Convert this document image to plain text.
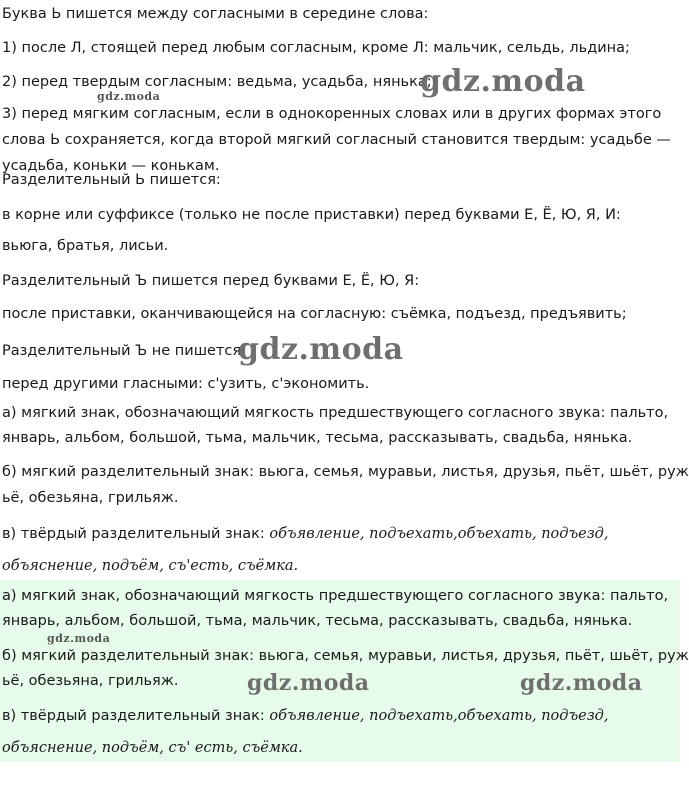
Буква Ь пишется между согласными в середине слова:
1) после Л, стоящей перед любым согласным, кроме Л: мальчик, сельдь, льдина;
2) перед твердым согласным: ведьма, усадьба, нянька;
3) перед мягким согласным, если в однокоренных словах или в других формах этого
слова Ь сохраняется, когда второй мягкий согласный становится твердым: усадьбе —
усадьба, коньки — конькам.
Разделительный Ь пишется:
в корне или суффиксе (только не после приставки) перед буквами Е, Ё, Ю, Я, И:
вьюга, братья, лисьи.
Разделительный Ъ пишется перед буквами Е, Ё, Ю, Я:
после приставки, оканчивающейся на согласную: съёмка, подъезд, предъявить;
Разделительный Ъ не пишется:
перед другими гласными: с'узить, с'экономить.
а) мягкий знак, обозначающий мягкость предшествующего согласного звука: пальто,
январь, альбом, большой, тьма, мальчик, тесьма, рассказывать, свадьба, нянька.
б) мягкий разделительный знак: вьюга, семья, муравьи, листья, друзья, пьёт, шьёт, руж
ьё, обезьяна, грильяж.
в) твёрдый разделительный знак: объявление, подъехать,объехать, подъезд,
объяснение, подъём, съ'есть, съёмка.
а) мягкий знак, обозначающий мягкость предшествующего согласного звука: пальто,
январь, альбом, большой, тьма, мальчик, тесьма, рассказывать, свадьба, нянька.
б) мягкий разделительный знак: вьюга, семья, муравьи, листья, друзья, пьёт, шьёт, руж
ьё, обезьяна, грильяж.
в) твёрдый разделительный знак: объявление, подъехать,объехать, подъезд,
объяснение, подъём, съ' есть, съёмка.
gdz.moda
gdz.moda
gdz.moda
gdz.moda
gdz.moda	gdz.moda
